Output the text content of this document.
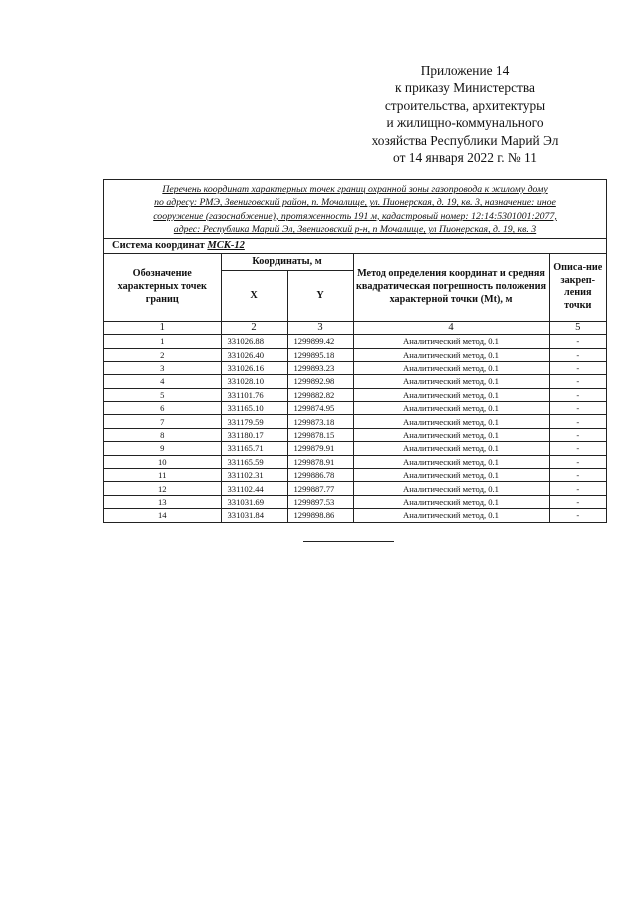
Приложение 14
к приказу Министерства
строительства, архитектуры
и жилищно-коммунального
хозяйства Республики Марий Эл
от 14 января 2022 г. № 11
Перечень координат характерных точек границ охранной зоны газопровода к жилому дому
по адресу: РМЭ, Звениговский район, п. Мочалище, ул. Пионерская, д. 19, кв. 3, назначение: иное
сооружение (газоснабжение), протяженность 191 м, кадастровый номер: 12:14:5301001:2077,
адрес: Республика Марий Эл, Звениговский р-н, п Мочалище, ул Пионерская, д. 19, кв. 3
Система координат МСК-12
Обозначение характерных точек границ	Координаты, м		Метод определения координат и средняя квадратическая погрешность положения характерной точки (Mt), м	Описа-ние закреп-ления точки
	X	Y		
1	2	3	4	5
1	331026.88	1299899.42	Аналитический метод, 0.1	-
2	331026.40	1299895.18	Аналитический метод, 0.1	-
3	331026.16	1299893.23	Аналитический метод, 0.1	-
4	331028.10	1299892.98	Аналитический метод, 0.1	-
5	331101.76	1299882.82	Аналитический метод, 0.1	-
6	331165.10	1299874.95	Аналитический метод, 0.1	-
7	331179.59	1299873.18	Аналитический метод, 0.1	-
8	331180.17	1299878.15	Аналитический метод, 0.1	-
9	331165.71	1299879.91	Аналитический метод, 0.1	-
10	331165.59	1299878.91	Аналитический метод, 0.1	-
11	331102.31	1299886.78	Аналитический метод, 0.1	-
12	331102.44	1299887.77	Аналитический метод, 0.1	-
13	331031.69	1299897.53	Аналитический метод, 0.1	-
14	331031.84	1299898.86	Аналитический метод, 0.1	-
